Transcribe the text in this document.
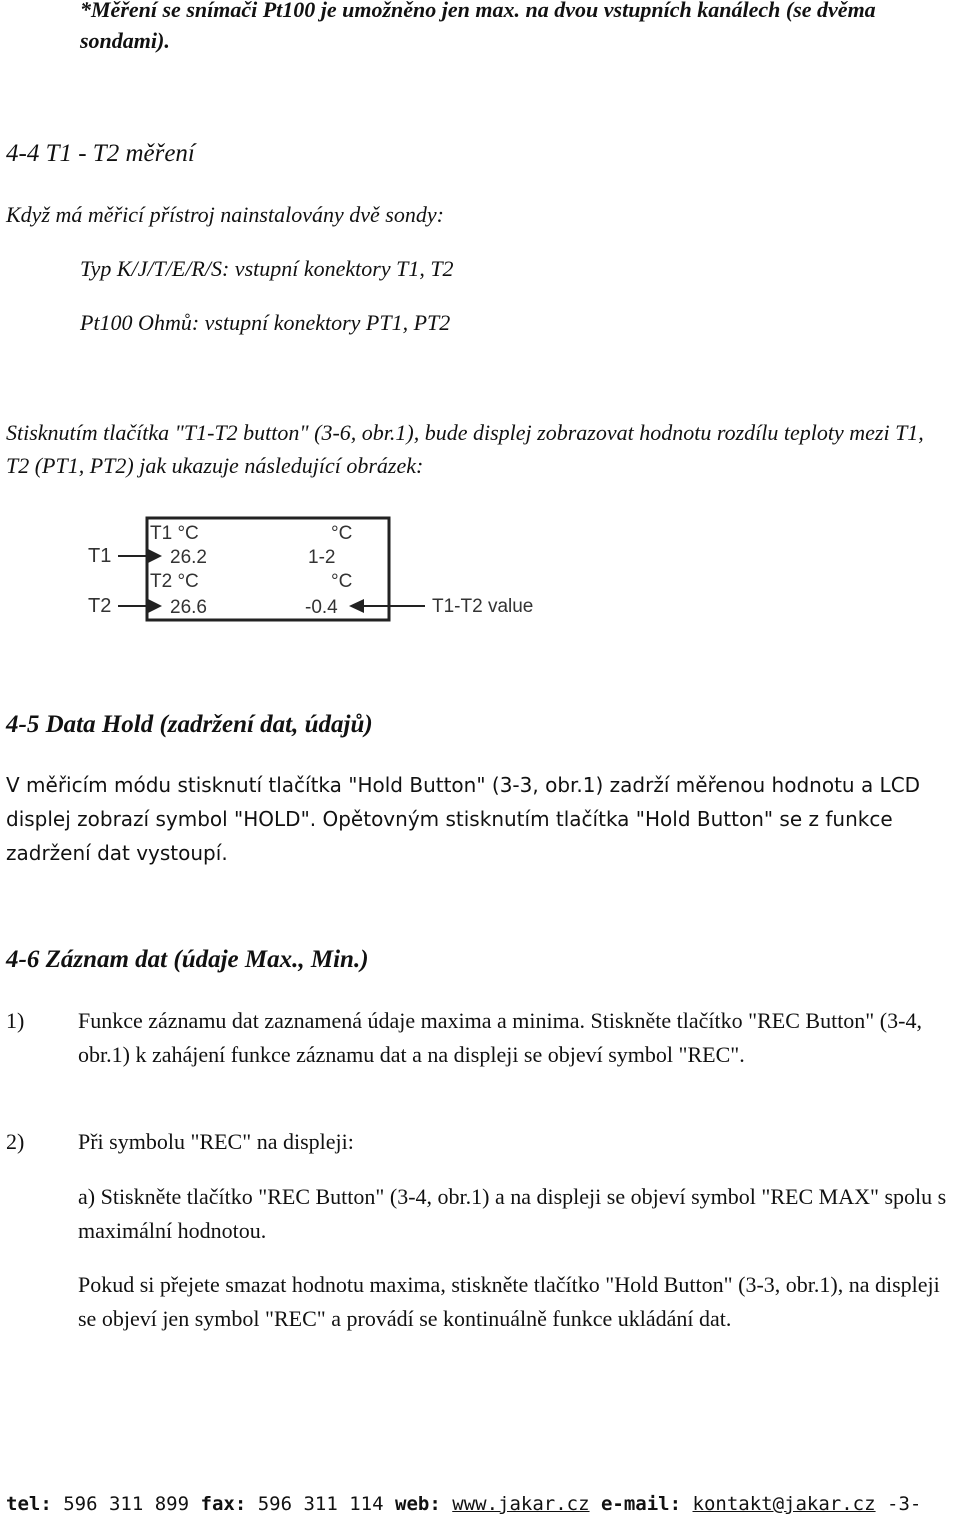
*Měření se snímači Pt100 je umožněno jen max. na dvou vstupních kanálech (se dvěma sondami).

4-4 T1 - T2 měření

Když má měřicí přístroj nainstalovány dvě sondy:

Typ K/J/T/E/R/S: vstupní konektory T1, T2

Pt100 Ohmů: vstupní konektory PT1, PT2

Stisknutím tlačítka "T1-T2 button" (3-6, obr.1), bude displej zobrazovat hodnotu rozdílu teploty mezi T1, T2 (PT1, PT2) jak ukazuje následující obrázek:

T1
T2
T1 °C	°C
26.2	1-2
T2 °C	°C
26.6	-0.4	T1-T2 value
4-5 Data Hold (zadržení dat, údajů)

V měřicím módu stisknutí tlačítka "Hold Button" (3-3, obr.1) zadrží měřenou hodnotu a LCD displej zobrazí symbol "HOLD". Opětovným stisknutím tlačítka "Hold Button" se z funkce zadržení dat vystoupí.

4-6 Záznam dat (údaje Max., Min.)
1) Funkce záznamu dat zaznamená údaje maxima a minima. Stiskněte tlačítko "REC Button" (3-4, obr.1) k zahájení funkce záznamu dat a na displeji se objeví symbol "REC".
2) Při symbolu "REC" na displeji:

a) Stiskněte tlačítko "REC Button" (3-4, obr.1) a na displeji se objeví symbol "REC MAX" spolu s maximální hodnotou.

Pokud si přejete smazat hodnotu maxima, stiskněte tlačítko "Hold Button" (3-3, obr.1), na displeji se objeví jen symbol "REC" a provádí se kontinuálně funkce ukládání dat.

tel: 596 311 899 fax: 596 311 114 web: www.jakar.cz e-mail: kontakt@jakar.cz -3-
